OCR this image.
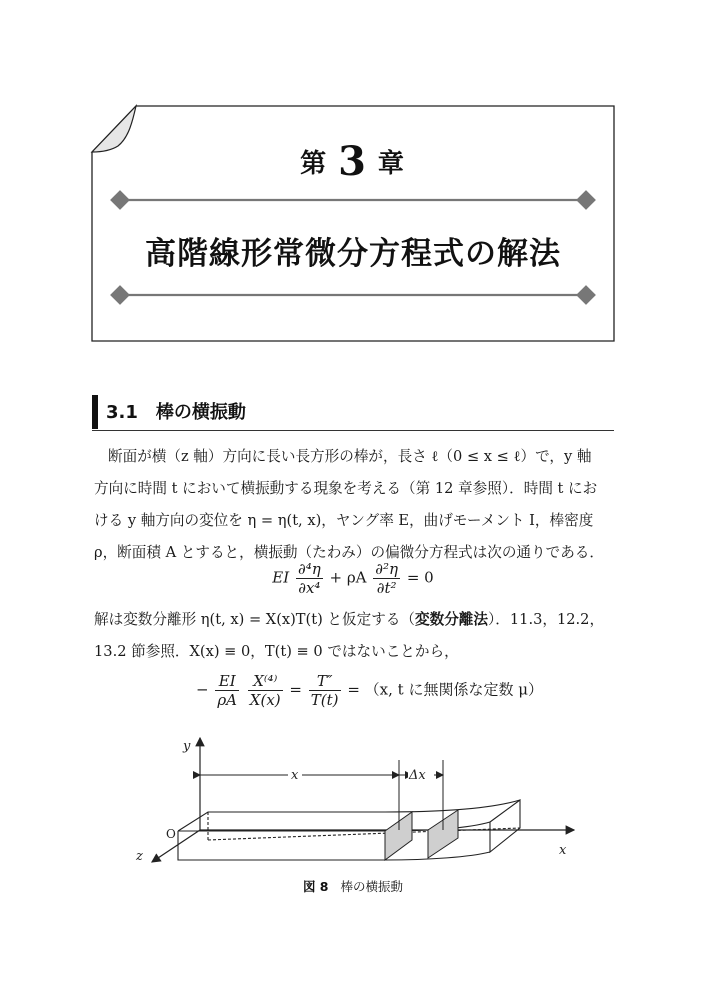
第 3 章
高階線形常微分方程式の解法
3.1 棒の横振動
断面が横（z 軸）方向に長い長方形の棒が，長さ ℓ（0 ≤ x ≤ ℓ）で，y 軸
方向に時間 t において横振動する現象を考える（第 12 章参照）．時間 t にお
ける y 軸方向の変位を η = η(t, x)，ヤング率 E，曲げモーメント I，棒密度
ρ，断面積 A とすると，横振動（たわみ）の偏微分方程式は次の通りである．
EI $\frac{\text{∂⁴η}}{\text{∂x⁴}} + \rho A \frac{\text{∂²η}}{\text{∂t²}} = 0$
解は変数分離形 η(t, x) = X(x)T(t) と仮定する（変数分離法）．11.3，12.2，
13.2 節参照．X(x) ≡ 0，T(t) ≡ 0 ではないことから，
− $\frac{EI}{\rho A}$
$\frac{\text{X⁽⁴⁾}}{X(x)} = \frac{T''}{T(t)} = (x$, t に無関係な定数 μ）
y
x
z
O
x	Δx
図 8 棒の横振動
